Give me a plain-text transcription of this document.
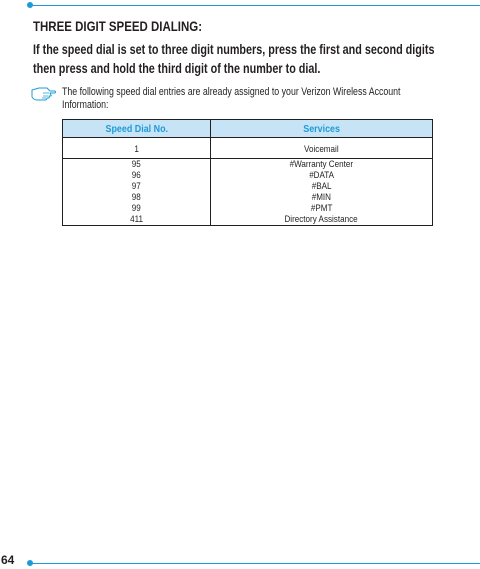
THREE DIGIT SPEED DIALING:
If the speed dial is set to three digit numbers, press the first and second digits
then press and hold the third digit of the number to dial.
The following speed dial entries are already assigned to your Verizon Wireless Account
Information:
Speed Dial No.	Services
1	Voicemail
95	#Warranty Center
96	#DATA
97	#BAL
98	#MIN
99	#PMT
411	Directory Assistance
64
